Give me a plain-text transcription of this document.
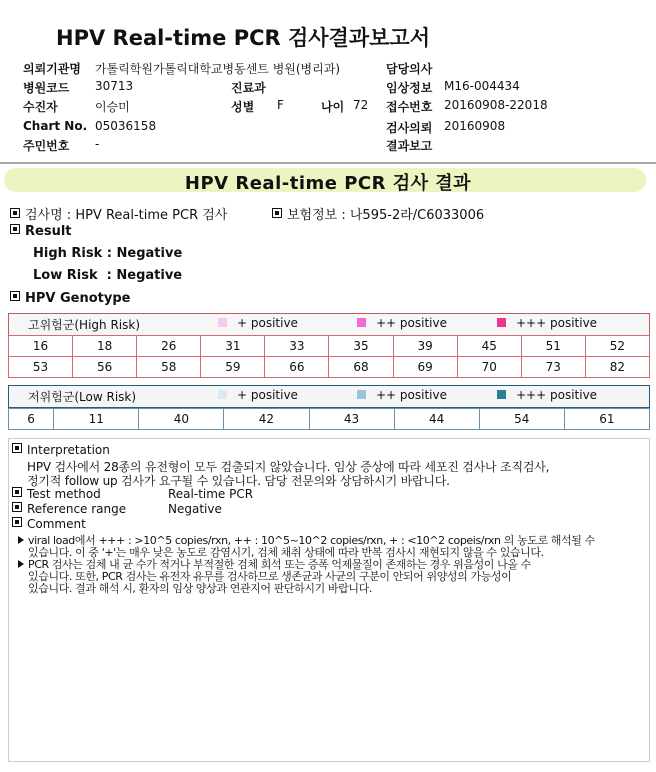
HPV Real-time PCR 검사결과보고서
의뢰기관명 가톨릭학원가톨릭대학교병동센트 병원(병리과)	담당의사
병원코드 30713	진료과	임상정보 M16-004434
수진자	이승미	성별 F	나이 72 접수번호 20160908-22018
Chart No. 05036158	검사의뢰 20160908
주민번호 -	결과보고
HPV Real-time PCR 검사 결과
검사명 : HPV Real-time PCR 검사	보험정보 : 나595-2라/C6033006
Result
High Risk : Negative
Low Risk  : Negative
HPV Genotype
고위험군(High Risk)	+ positive	++ positive	+++ positive
16	18	26	31	33	35	39	45	51	52
53	56	58	59	66	68	69	70	73	82
저위험군(Low Risk)	+ positive	++ positive	+++ positive
6	11	40	42	43	44	54	61
Interpretation
HPV 검사에서 28종의 유전형이 모두 검출되지 않았습니다. 임상 증상에 따라 세포진 검사나 조직검사,
정기적 follow up 검사가 요구될 수 있습니다. 담당 전문의와 상담하시기 바랍니다.
Test method	Real-time PCR
Reference range	Negative
Comment
viral load에서 +++ : >10^5 copies/rxn, ++ : 10^5~10^2 copies/rxn, + : <10^2 copeis/rxn 의 농도로 해석될 수
있습니다. 이 중 '+'는 매우 낮은 농도로 감염시기, 검체 채취 상태에 따라 반복 검사시 재현되지 않을 수 있습니다.
PCR 검사는 검체 내 균 수가 적거나 부적절한 검체 희석 또는 증폭 억제물질이 존재하는 경우 위음성이 나올 수
있습니다. 또한, PCR 검사는 유전자 유무를 검사하므로 생존균과 사균의 구분이 안되어 위양성의 가능성이
있습니다. 결과 해석 시, 환자의 임상 양상과 연관지어 판단하시기 바랍니다.
